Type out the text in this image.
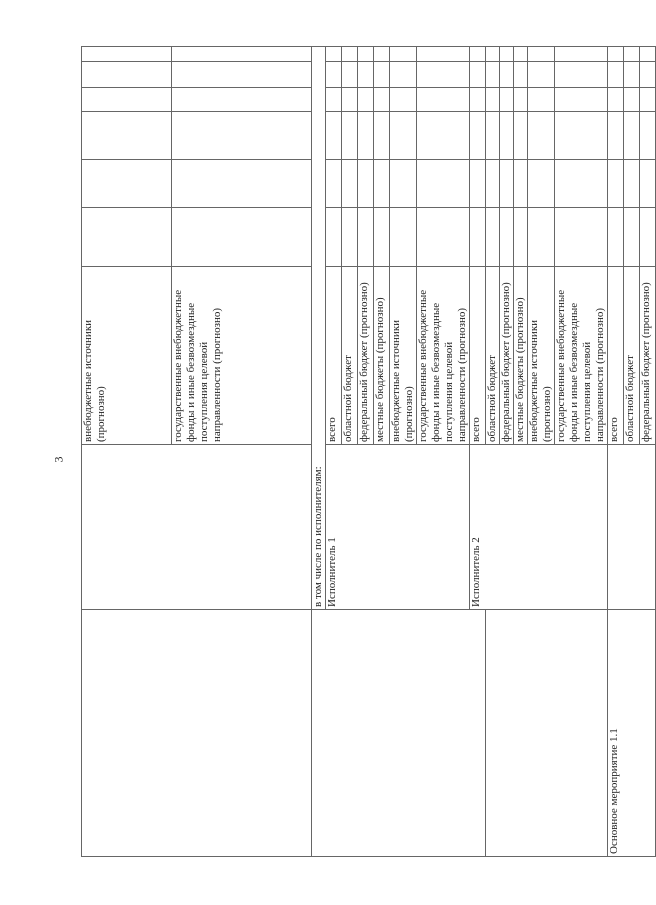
3
		внебюджетные источники (прогнозно)						
		государственные внебюджетные фонды и иные безвозмездные поступления целевой направленности (прогнозно)						
	в том числе по исполнителям:							
	Исполнитель 1	всего						
		областной бюджет						
		федеральный бюджет (прогнозно)						
		местные бюджеты (прогнозно)						
		внебюджетные источники (прогнозно)						
		государственные внебюджетные фонды и иные безвозмездные поступления целевой направленности (прогнозно)						
	Исполнитель 2	всего						
		областной бюджет						
		федеральный бюджет (прогнозно)						
		местные бюджеты (прогнозно)						
		внебюджетные источники (прогнозно)						
		государственные внебюджетные фонды и иные безвозмездные поступления целевой направленности (прогнозно)						
Основное мероприятие 1.1		всего						
		областной бюджет						
		федеральный бюджет (прогнозно)						
